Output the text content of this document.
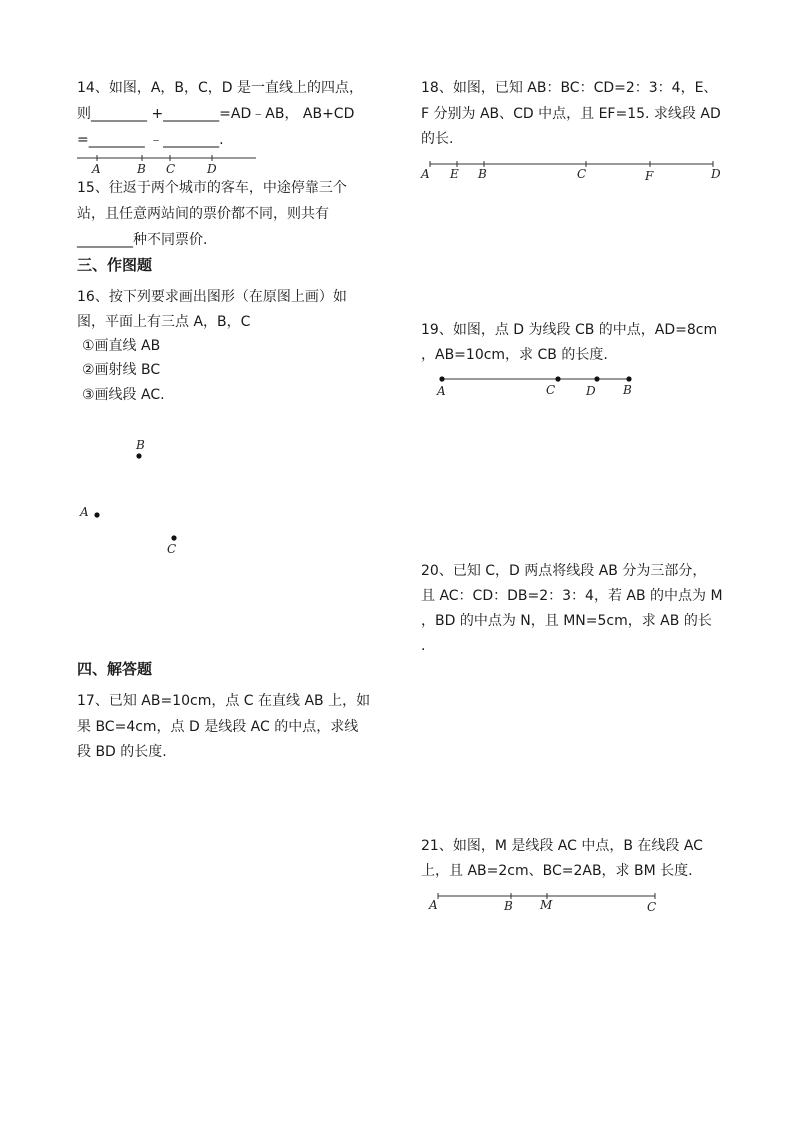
14、如图，A，B，C，D 是一直线上的四点，
则________ +________=AD﹣AB， AB+CD
=________ ﹣________.
A	B C	D
15、往返于两个城市的客车，中途停靠三个
站，且任意两站间的票价都不同，则共有
________种不同票价.
三、作图题
16、按下列要求画出图形（在原图上画）如
图，平面上有三点 A，B，C
①画直线 AB
②画射线 BC
③画线段 AC.
B
A
C
四、解答题
17、已知 AB=10cm，点 C 在直线 AB 上，如
果 BC=4cm，点 D 是线段 AC 的中点，求线
段 BD 的长度.
18、如图，已知 AB：BC：CD=2：3：4，E、
F 分别为 AB、CD 中点，且 EF=15. 求线段 AD
的长.
A E B	C	F	D
19、如图，点 D 为线段 CB 的中点，AD=8cm
，AB=10cm，求 CB 的长度.
A	C	D B
20、已知 C，D 两点将线段 AB 分为三部分，
且 AC：CD：DB=2：3：4，若 AB 的中点为 M
，BD 的中点为 N，且 MN=5cm，求 AB 的长
.
21、如图，M 是线段 AC 中点，B 在线段 AC
上，且 AB=2cm、BC=2AB，求 BM 长度.
A	B M	C
